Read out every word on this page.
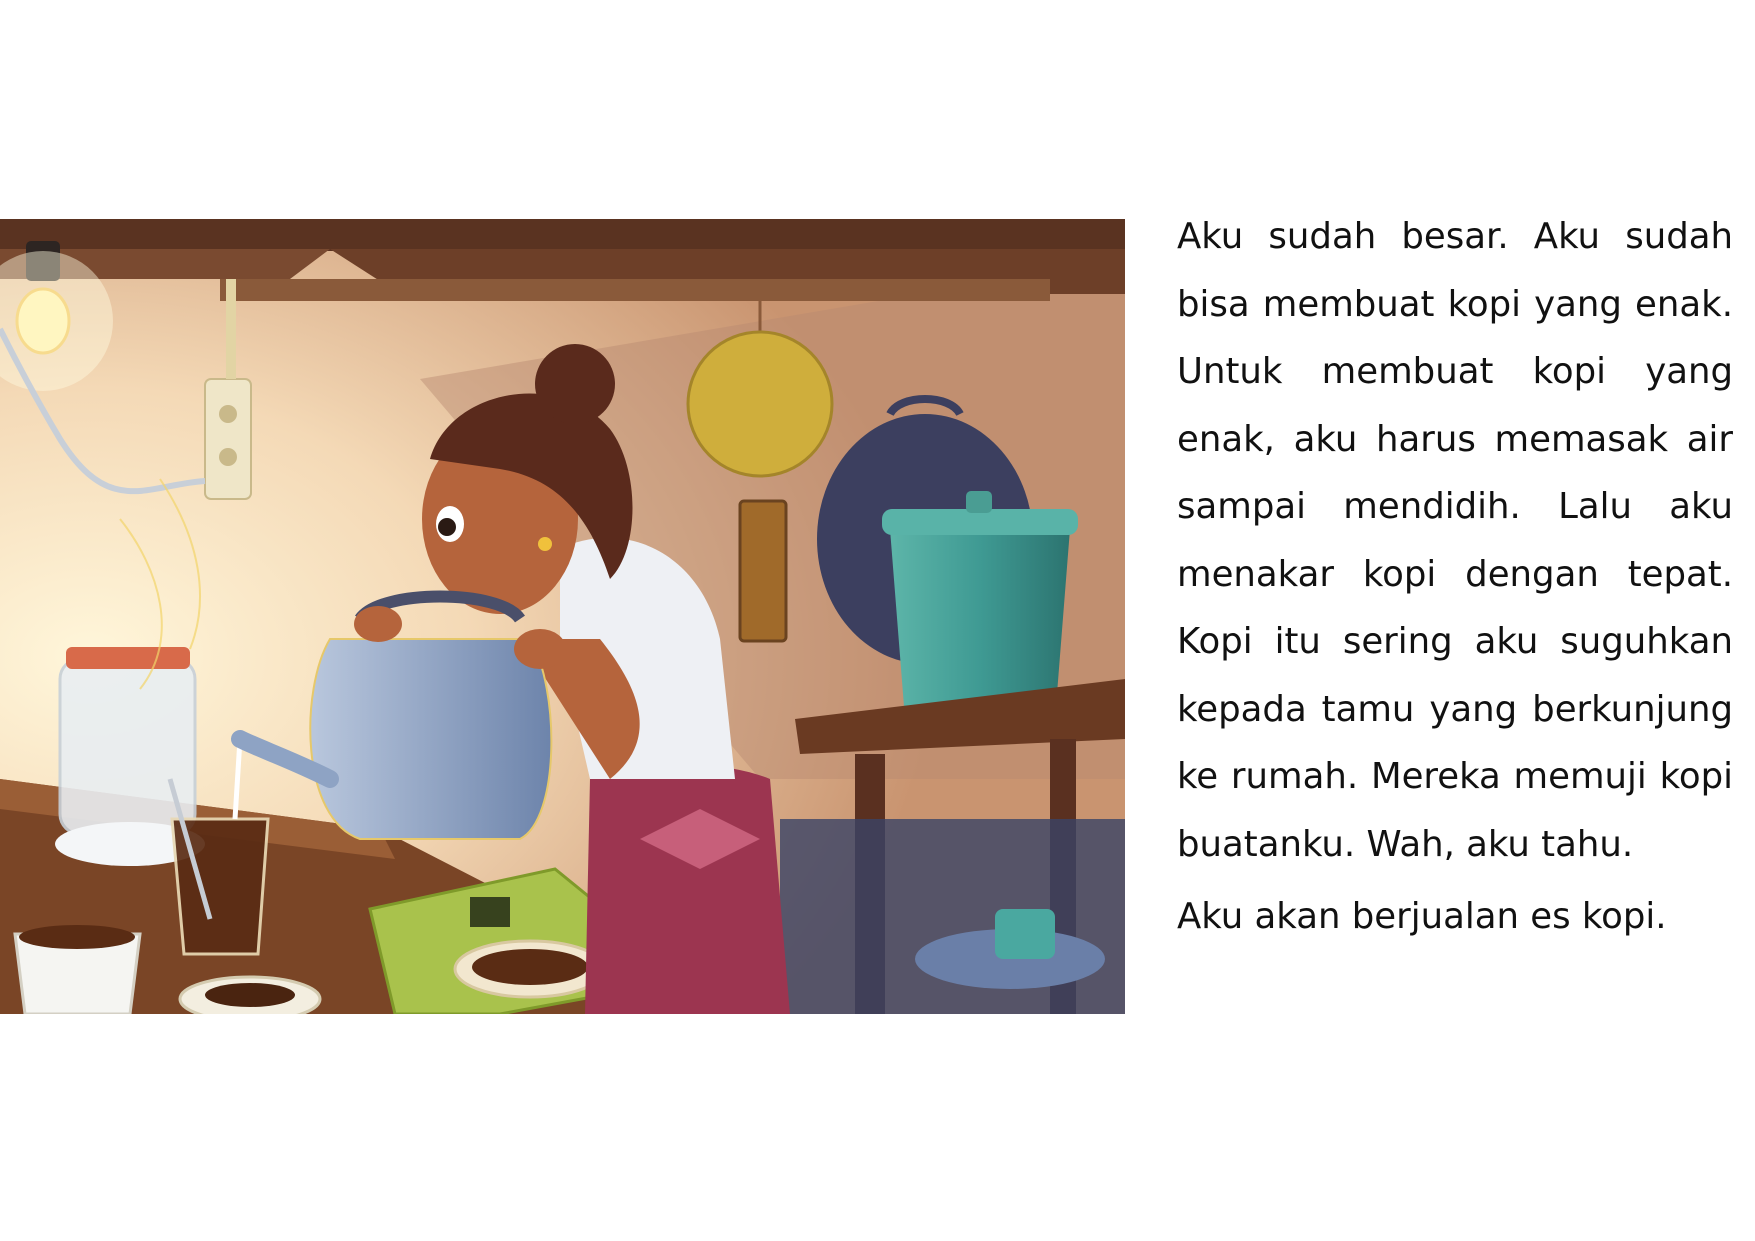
Aku sudah besar. Aku sudah bisa membuat kopi yang enak. Untuk membuat kopi yang enak, aku harus memasak air sampai mendidih. Lalu aku menakar kopi dengan tepat. Kopi itu sering aku suguhkan kepada tamu yang berkunjung ke rumah. Mereka memuji kopi buatanku. Wah, aku tahu.

Aku akan berjualan es kopi.
